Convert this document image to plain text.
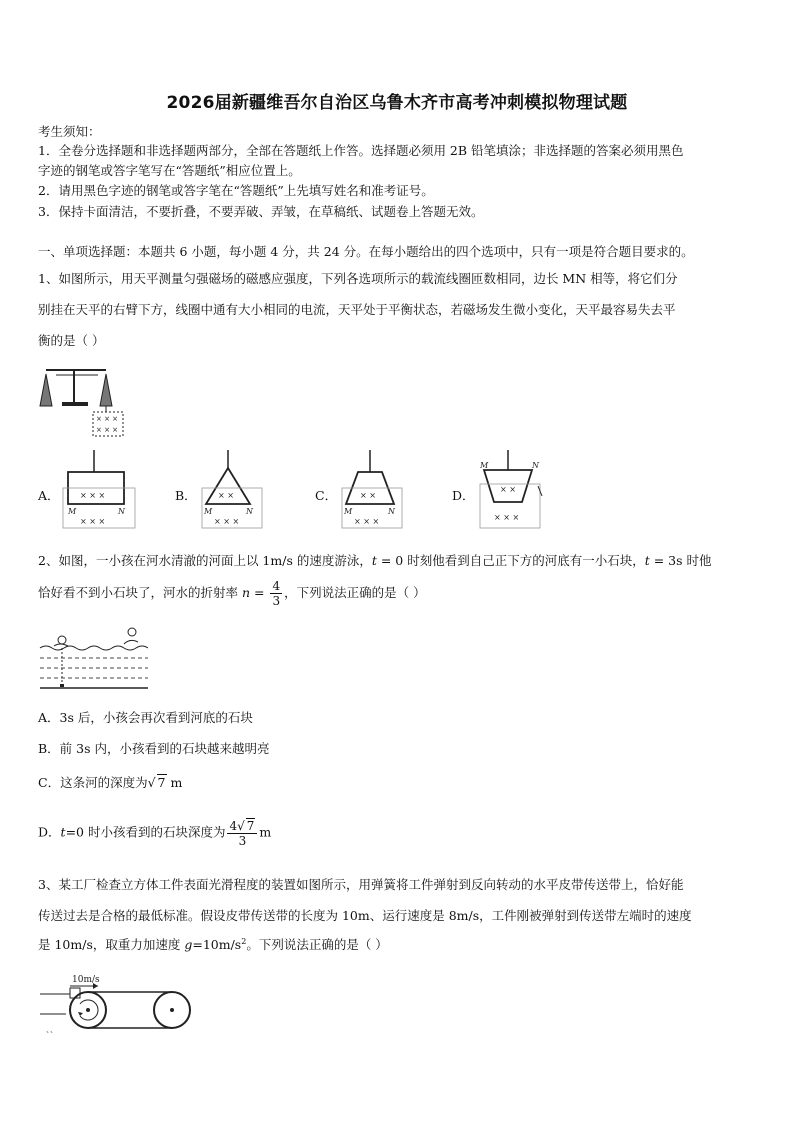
2026届新疆维吾尔自治区乌鲁木齐市高考冲刺模拟物理试题
考生须知：
1．全卷分选择题和非选择题两部分，全部在答题纸上作答。选择题必须用 2B 铅笔填涂；非选择题的答案必须用黑色
字迹的钢笔或答字笔写在“答题纸”相应位置上。
2．请用黑色字迹的钢笔或答字笔在“答题纸”上先填写姓名和准考证号。
3．保持卡面清洁，不要折叠，不要弄破、弄皱，在草稿纸、试题卷上答题无效。
一、单项选择题：本题共 6 小题，每小题 4 分，共 24 分。在每小题给出的四个选项中，只有一项是符合题目要求的。
1、如图所示，用天平测量匀强磁场的磁感应强度，下列各选项所示的载流线圈匝数相同，边长 MN 相等，将它们分
别挂在天平的右臂下方，线圈中通有大小相同的电流，天平处于平衡状态，若磁场发生微小变化，天平最容易失去平
衡的是（ ）
× × ×
× × ×
A．	× × ×
× × ×
M	N
B．	× ×
× × ×
M	N
C．	× ×
× × ×
M	N
D．	× ×
× × ×
M	N
2、如图，一小孩在河水清澈的河面上以 1m/s 的速度游泳，t = 0 时刻他看到自己正下方的河底有一小石块，t = 3s 时他
恰好看不到小石块了，河水的折射率 $n = \frac{4}{3}$ ，下列说法正确的是（ ）
A．3s 后，小孩会再次看到河底的石块
B．前 3s 内，小孩看到的石块越来越明亮
C．这条河的深度为√ 7 m
D．t=0 时小孩看到的石块深度为 $\frac{4√ 7}{3}$ m
3、某工厂检查立方体工件表面光滑程度的装置如图所示，用弹簧将工件弹射到反向转动的水平皮带传送带上，恰好能
传送过去是合格的最低标准。假设皮带传送带的长度为 10m、运行速度是 8m/s，工件刚被弹射到传送带左端时的速度
是 10m/s，取重力加速度 $g=10m/s^2$。下列说法正确的是（ ）
10m/s
、、
